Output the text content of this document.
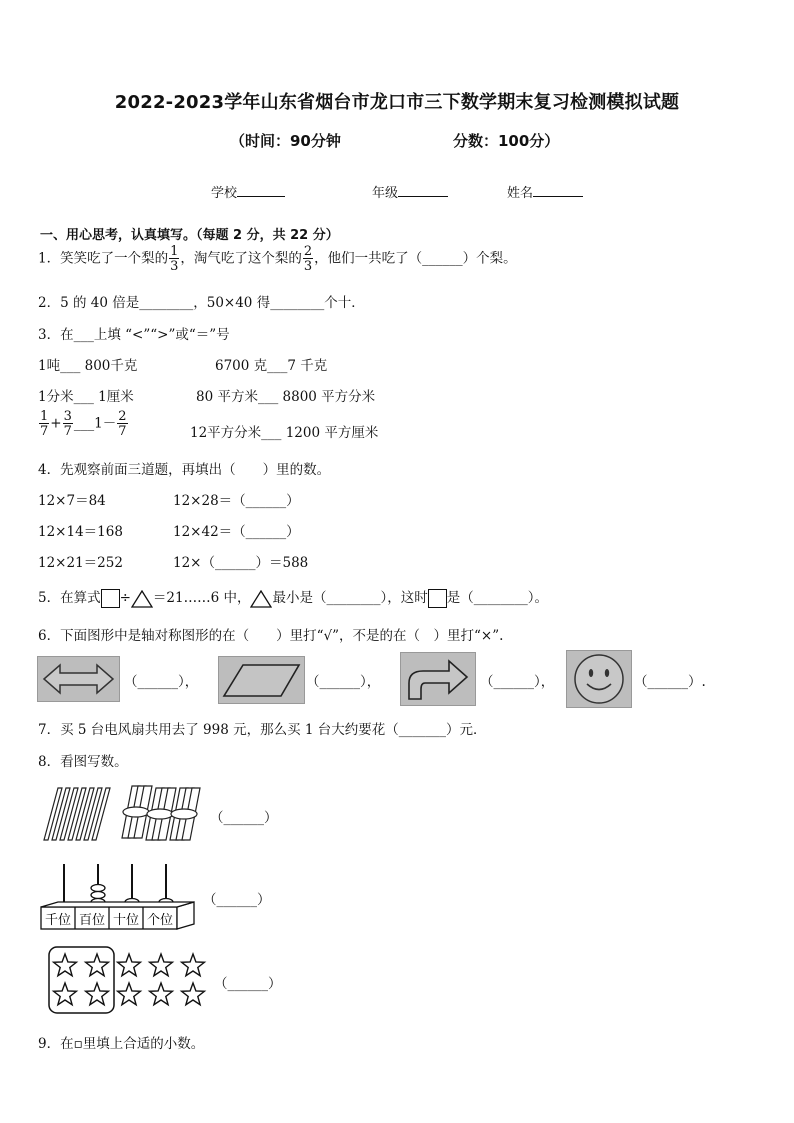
2022-2023学年山东省烟台市龙口市三下数学期末复习检测模拟试题
（时间：90分钟	分数：100分）
学校	年级	姓名
一、用心思考，认真填写。（每题 2 分，共 22 分）
1．笑笑吃了一个梨的 $\frac{1}{3}$ ，淘气吃了这个梨的 $\frac{2}{3}$ ，他们一共吃了（______）个梨。
2．5 的 40 倍是________，50×40 得________个十．
3．在___上填 “<”“>”或“＝”号
1吨___ 800千克	6700 克___7 千克
1分米___ 1厘米	80 平方米___ 8800 平方分米
$\frac{1}{7} + \frac{3}{7}$ ___1－ $\frac{2}{7}$	12平方分米___ 1200 平方厘米
4．先观察前面三道题，再填出（　　）里的数。
12×7＝84	12×28＝（______）
12×14＝168	12×42＝（______）
12×21＝252	12×（______）＝588
5．在算式 ÷ ＝21……6 中， 最小是（________），这时 是（________）。
6．下面图形中是轴对称图形的在（　　）里打“√”，不是的在（　）里打“×”.
（______），	（______），	（______），	（______）.
7．买 5 台电风扇共用去了 998 元，那么买 1 台大约要花（_______）元．
8．看图写数。
（______）
千位 百位 十位 个位
（______）
（______）
9．在▫里填上合适的小数。
